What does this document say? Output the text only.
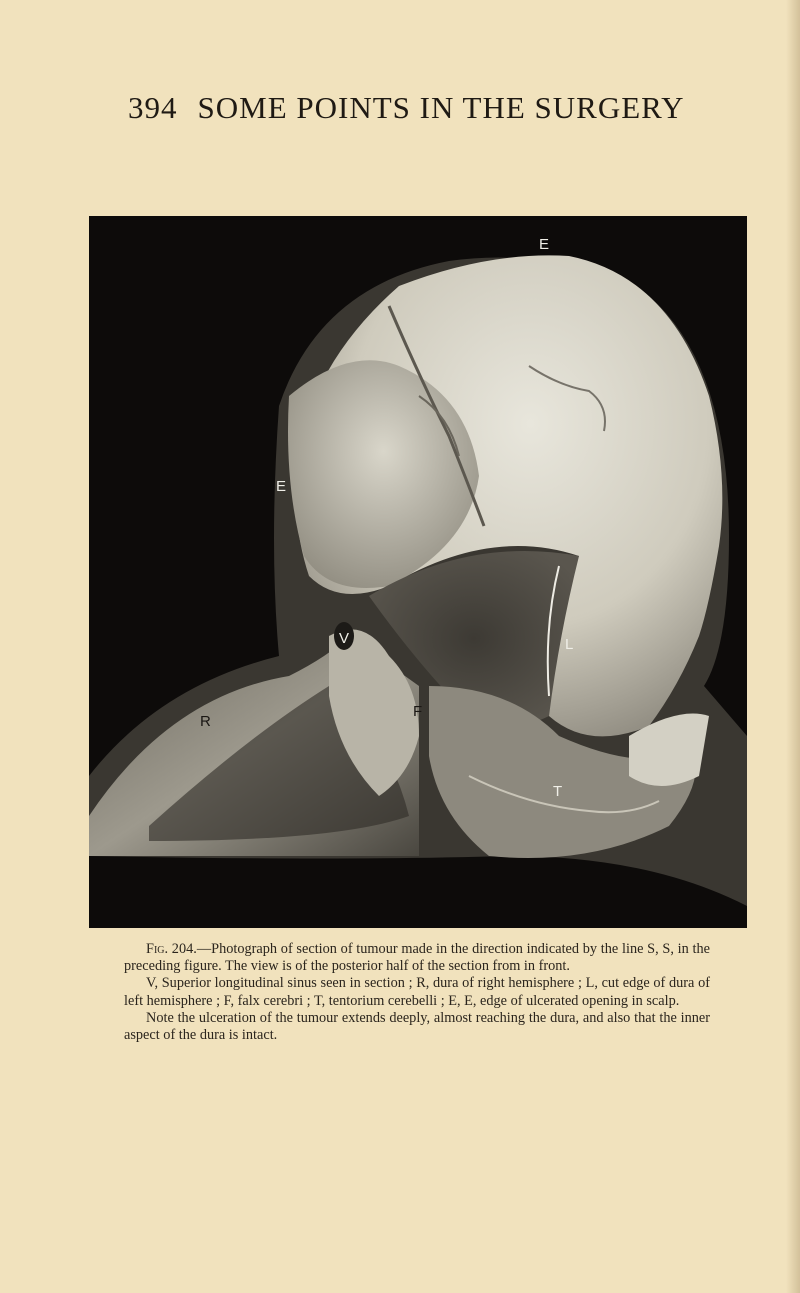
394 SOME POINTS IN THE SURGERY
E
E
V
R
F
L
T

Fig. 204.—Photograph of section of tumour made in the direction indicated by the line S, S, in the preceding figure. The view is of the posterior half of the section from in front.

V, Superior longitudinal sinus seen in section ; R, dura of right hemisphere ; L, cut edge of dura of left hemisphere ; F, falx cerebri ; T, tentorium cerebelli ; E, E, edge of ulcerated opening in scalp.

Note the ulceration of the tumour extends deeply, almost reaching the dura, and also that the inner aspect of the dura is intact.
